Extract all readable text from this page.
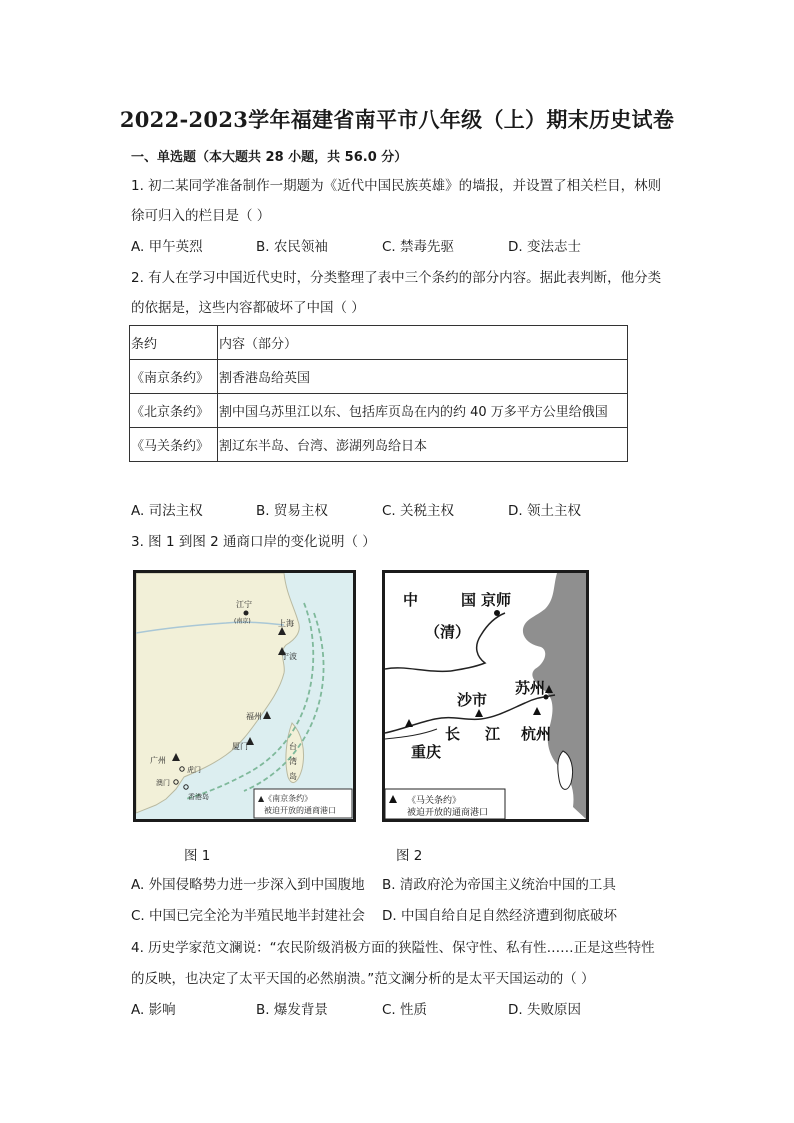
2022-2023学年福建省南平市八年级（上）期末历史试卷
一、单选题（本大题共 28 小题，共 56.0 分）
1. 初二某同学准备制作一期题为《近代中国民族英雄》的墙报，并设置了相关栏目，林则
徐可归入的栏目是（ ）
A. 甲午英烈	B. 农民领袖	C. 禁毒先驱	D. 变法志士
2. 有人在学习中国近代史时，分类整理了表中三个条约的部分内容。据此表判断，他分类
的依据是，这些内容都破坏了中国（ ）
条约	内容（部分）
《南京条约》	割香港岛给英国
《北京条约》	割中国乌苏里江以东、包括库页岛在内的约 40 万多平方公里给俄国
《马关条约》	割辽东半岛、台湾、澎湖列岛给日本
A. 司法主权	B. 贸易主权	C. 关税主权	D. 领土主权
3. 图 1 到图 2 通商口岸的变化说明（ ）
江宁
(南京)	上海
宁波
福州
厦门
广州
虎门
澳门
香港岛
台
湾
岛
▲《南京条约》
被迫开放的通商港口
中	国 京师
（清）
苏州
沙市
长 江 杭州
重庆
《马关条约》
被迫开放的通商港口
图 1	图 2
A. 外国侵略势力进一步深入到中国腹地 B. 清政府沦为帝国主义统治中国的工具
C. 中国已完全沦为半殖民地半封建社会 D. 中国自给自足自然经济遭到彻底破坏
4. 历史学家范文澜说：“农民阶级消极方面的狭隘性、保守性、私有性……正是这些特性
的反映，也决定了太平天国的必然崩溃。”范文澜分析的是太平天国运动的（ ）
A. 影响	B. 爆发背景	C. 性质	D. 失败原因
